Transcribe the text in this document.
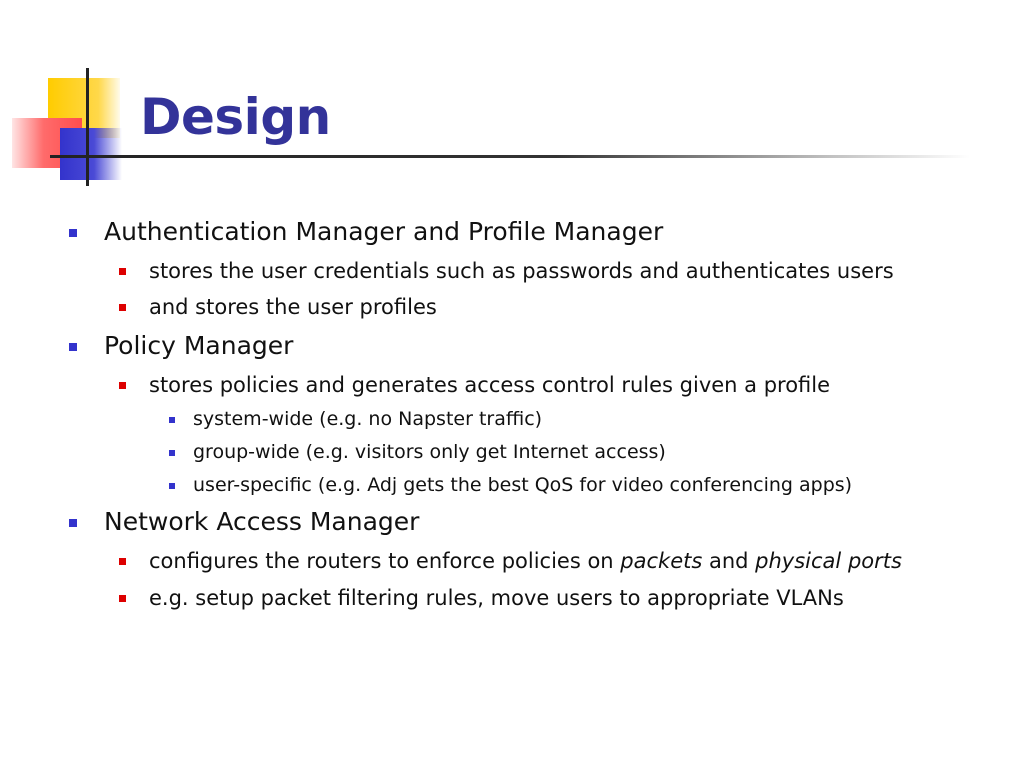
Design
Authentication Manager and Profile Manager
stores the user credentials such as passwords and authenticates users
and stores the user profiles
Policy Manager
stores policies and generates access control rules given a profile
system-wide (e.g. no Napster traffic)
group-wide (e.g. visitors only get Internet access)
user-specific (e.g. Adj gets the best QoS for video conferencing apps)
Network Access Manager
configures the routers to enforce policies on packets and physical ports
e.g. setup packet filtering rules, move users to appropriate VLANs
